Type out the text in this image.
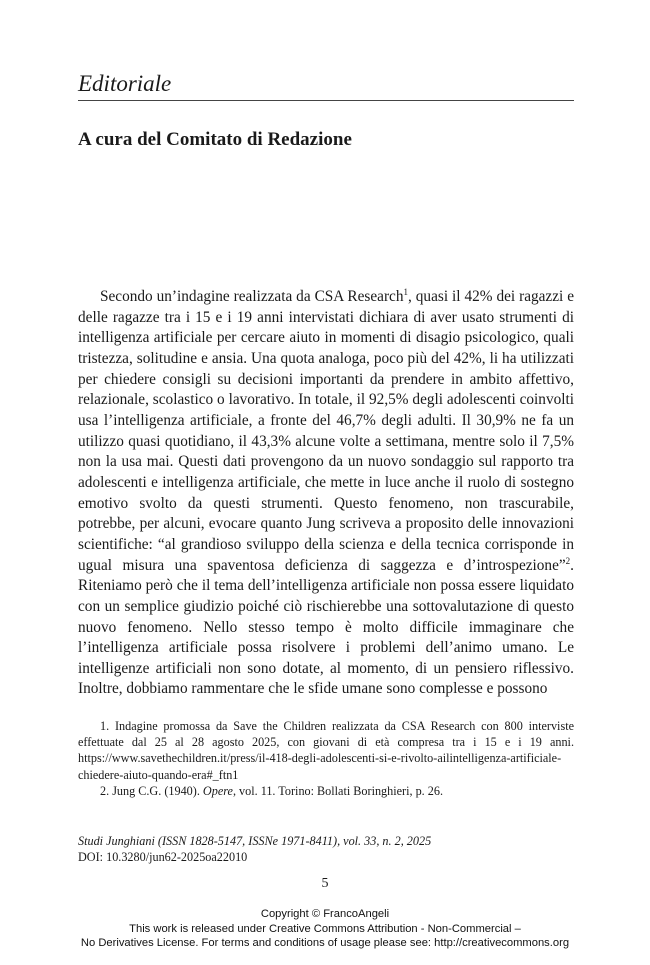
Editoriale
A cura del Comitato di Redazione

Secondo un’indagine realizzata da CSA Research$^1$, quasi il 42% dei ragazzi e delle ragazze tra i 15 e i 19 anni intervistati dichiara di aver usato strumenti di intelligenza artificiale per cercare aiuto in momenti di disagio psicologico, quali tristezza, solitudine e ansia. Una quota analoga, poco più del 42%, li ha utilizzati per chiedere consigli su decisioni importanti da prendere in ambito affettivo, relazionale, scolastico o lavorativo. In totale, il 92,5% degli adolescenti coinvolti usa l’intelligenza artificiale, a fronte del 46,7% degli adulti. Il 30,9% ne fa un utilizzo quasi quotidiano, il 43,3% alcune volte a settimana, mentre solo il 7,5% non la usa mai. Questi dati provengono da un nuovo sondaggio sul rapporto tra adolescenti e intelligenza artificiale, che mette in luce anche il ruolo di sostegno emotivo svolto da questi strumenti. Questo fenomeno, non trascurabile, potrebbe, per alcuni, evocare quanto Jung scriveva a proposito delle innovazioni scientifiche: “al grandioso sviluppo della scienza e della tecnica corrisponde in ugual misura una spaventosa deficienza di saggezza e d’introspezione”$^2$. Riteniamo però che il tema dell’intelligenza artificiale non possa essere liquidato con un semplice giudizio poiché ciò rischierebbe una sottovalutazione di questo nuovo fenomeno. Nello stesso tempo è molto difficile immaginare che l’intelligenza artificiale possa risolvere i problemi dell’animo umano. Le intelligenze artificiali non sono dotate, al momento, di un pensiero riflessivo. Inoltre, dobbiamo rammentare che le sfide umane sono complesse e possono

1. Indagine promossa da Save the Children realizzata da CSA Research con 800 interviste effettuate dal 25 al 28 agosto 2025, con giovani di età compresa tra i 15 e i 19 anni. https://www.savethechildren.it/press/il-418-degli-adolescenti-si-e-rivolto-ailintelligenza-artificiale-chiedere-aiuto-quando-era#_ftn1

2. Jung C.G. (1940). Opere, vol. 11. Torino: Bollati Boringhieri, p. 26.

Studi Junghiani (ISSN 1828-5147, ISSNe 1971-8411), vol. 33, n. 2, 2025
DOI: 10.3280/jun62-2025oa22010
5
Copyright © FrancoAngeli
This work is released under Creative Commons Attribution - Non-Commercial –
No Derivatives License. For terms and conditions of usage please see: http://creativecommons.org
